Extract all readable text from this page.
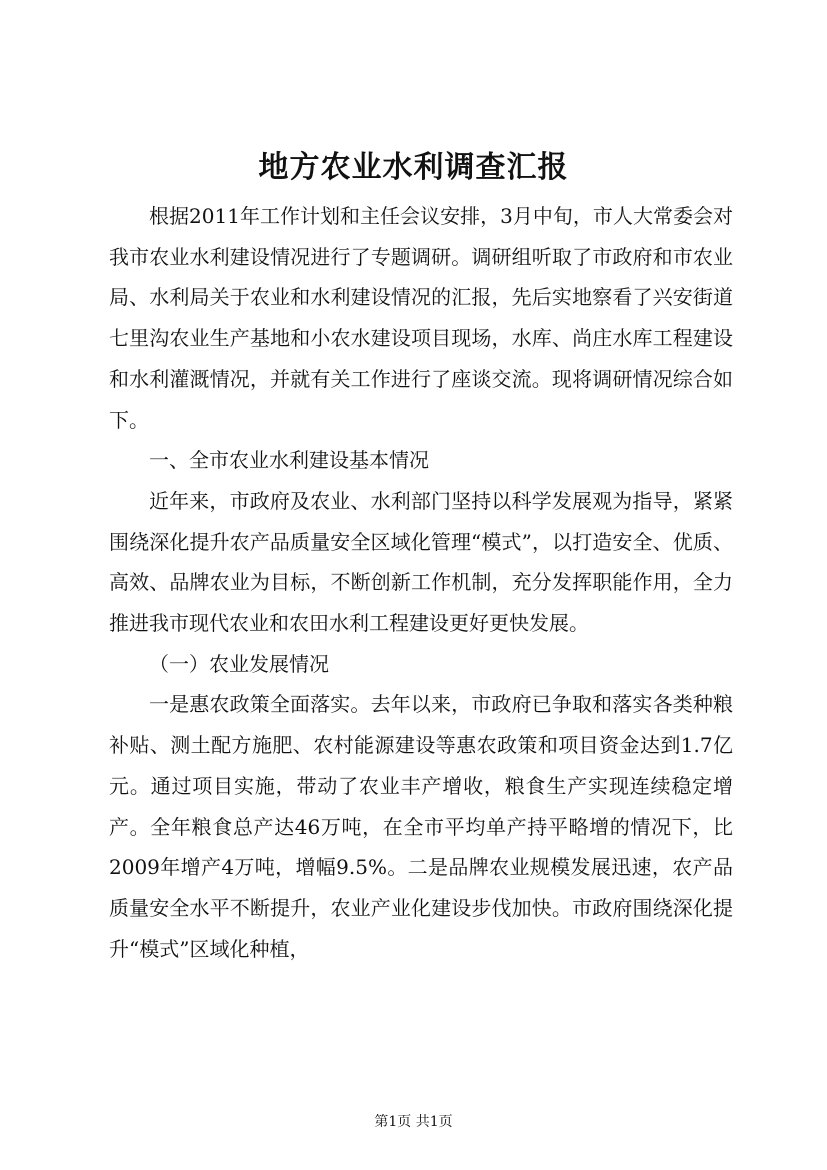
地方农业水利调查汇报

根据2011年工作计划和主任会议安排，3月中旬，市人大常委会对我市农业水利建设情况进行了专题调研。调研组听取了市政府和市农业局、水利局关于农业和水利建设情况的汇报，先后实地察看了兴安街道七里沟农业生产基地和小农水建设项目现场，水库、尚庄水库工程建设和水利灌溉情况，并就有关工作进行了座谈交流。现将调研情况综合如下。

一、全市农业水利建设基本情况

近年来，市政府及农业、水利部门坚持以科学发展观为指导，紧紧围绕深化提升农产品质量安全区域化管理“模式”，以打造安全、优质、高效、品牌农业为目标，不断创新工作机制，充分发挥职能作用，全力推进我市现代农业和农田水利工程建设更好更快发展。

（一）农业发展情况

一是惠农政策全面落实。去年以来，市政府已争取和落实各类种粮补贴、测土配方施肥、农村能源建设等惠农政策和项目资金达到1.7亿元。通过项目实施，带动了农业丰产增收，粮食生产实现连续稳定增产。全年粮食总产达46万吨，在全市平均单产持平略增的情况下，比2009年增产4万吨，增幅9.5%。二是品牌农业规模发展迅速，农产品质量安全水平不断提升，农业产业化建设步伐加快。市政府围绕深化提升“模式”区域化种植，

第1页 共1页
